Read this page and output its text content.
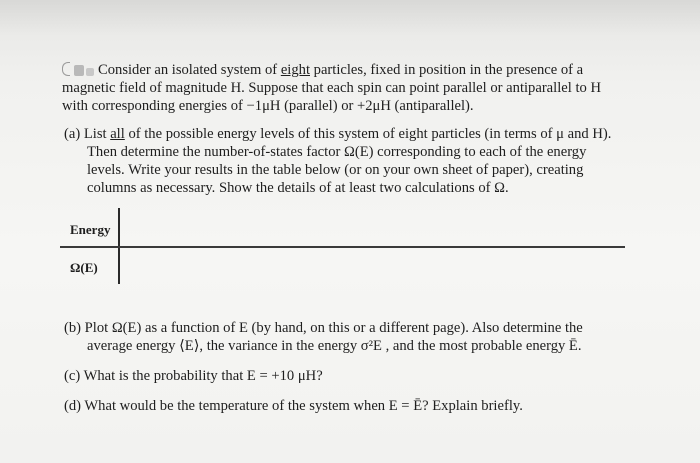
Consider an isolated system of eight particles, fixed in position in the presence of a
magnetic field of magnitude H. Suppose that each spin can point parallel or antiparallel to H
with corresponding energies of −1μH (parallel) or +2μH (antiparallel).
(a) List all of the possible energy levels of this system of eight particles (in terms of μ and H).
Then determine the number-of-states factor Ω(E) corresponding to each of the energy
levels. Write your results in the table below (or on your own sheet of paper), creating
columns as necessary. Show the details of at least two calculations of Ω.
Energy
Ω(E)
(b) Plot Ω(E) as a function of E (by hand, on this or a different page). Also determine the
average energy ⟨E⟩, the variance in the energy σ²E , and the most probable energy Ē.
(c) What is the probability that E = +10 μH?
(d) What would be the temperature of the system when E = Ē? Explain briefly.
